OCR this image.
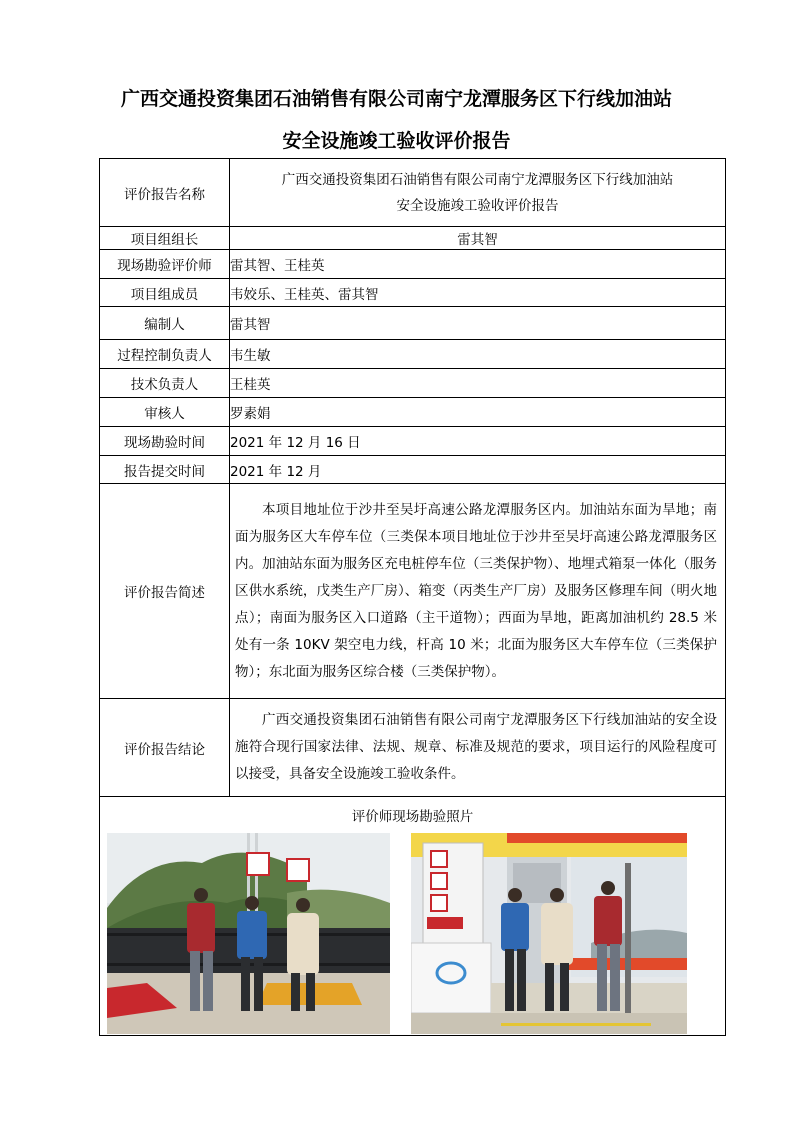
广西交通投资集团石油销售有限公司南宁龙潭服务区下行线加油站
安全设施竣工验收评价报告
评价报告名称	广西交通投资集团石油销售有限公司南宁龙潭服务区下行线加油站
安全设施竣工验收评价报告

项目组组长	雷其智
现场勘验评价师	雷其智、王桂英
项目组成员	韦姣乐、王桂英、雷其智
编制人	雷其智
过程控制负责人	韦生敏
技术负责人	王桂英
审核人	罗素娟
现场勘验时间	2021 年 12 月 16 日
报告提交时间	2021 年 12 月
评价报告简述	本项目地址位于沙井至吴圩高速公路龙潭服务区内。加油站东面为旱地；南面为服务区大车停车位（三类保本项目地址位于沙井至吴圩高速公路龙潭服务区内。加油站东面为服务区充电桩停车位（三类保护物）、地埋式箱泵一体化（服务区供水系统，戊类生产厂房）、箱变（丙类生产厂房）及服务区修理车间（明火地点）；南面为服务区入口道路（主干道物）；西面为旱地，距离加油机约 28.5 米处有一条 10KV 架空电力线，杆高 10 米；北面为服务区大车停车位（三类保护物）；东北面为服务区综合楼（三类保护物）。

评价报告结论	广西交通投资集团石油销售有限公司南宁龙潭服务区下行线加油站的安全设施符合现行国家法律、法规、规章、标准及规范的要求，项目运行的风险程度可以接受，具备安全设施竣工验收条件。

评价师现场勘验照片	
